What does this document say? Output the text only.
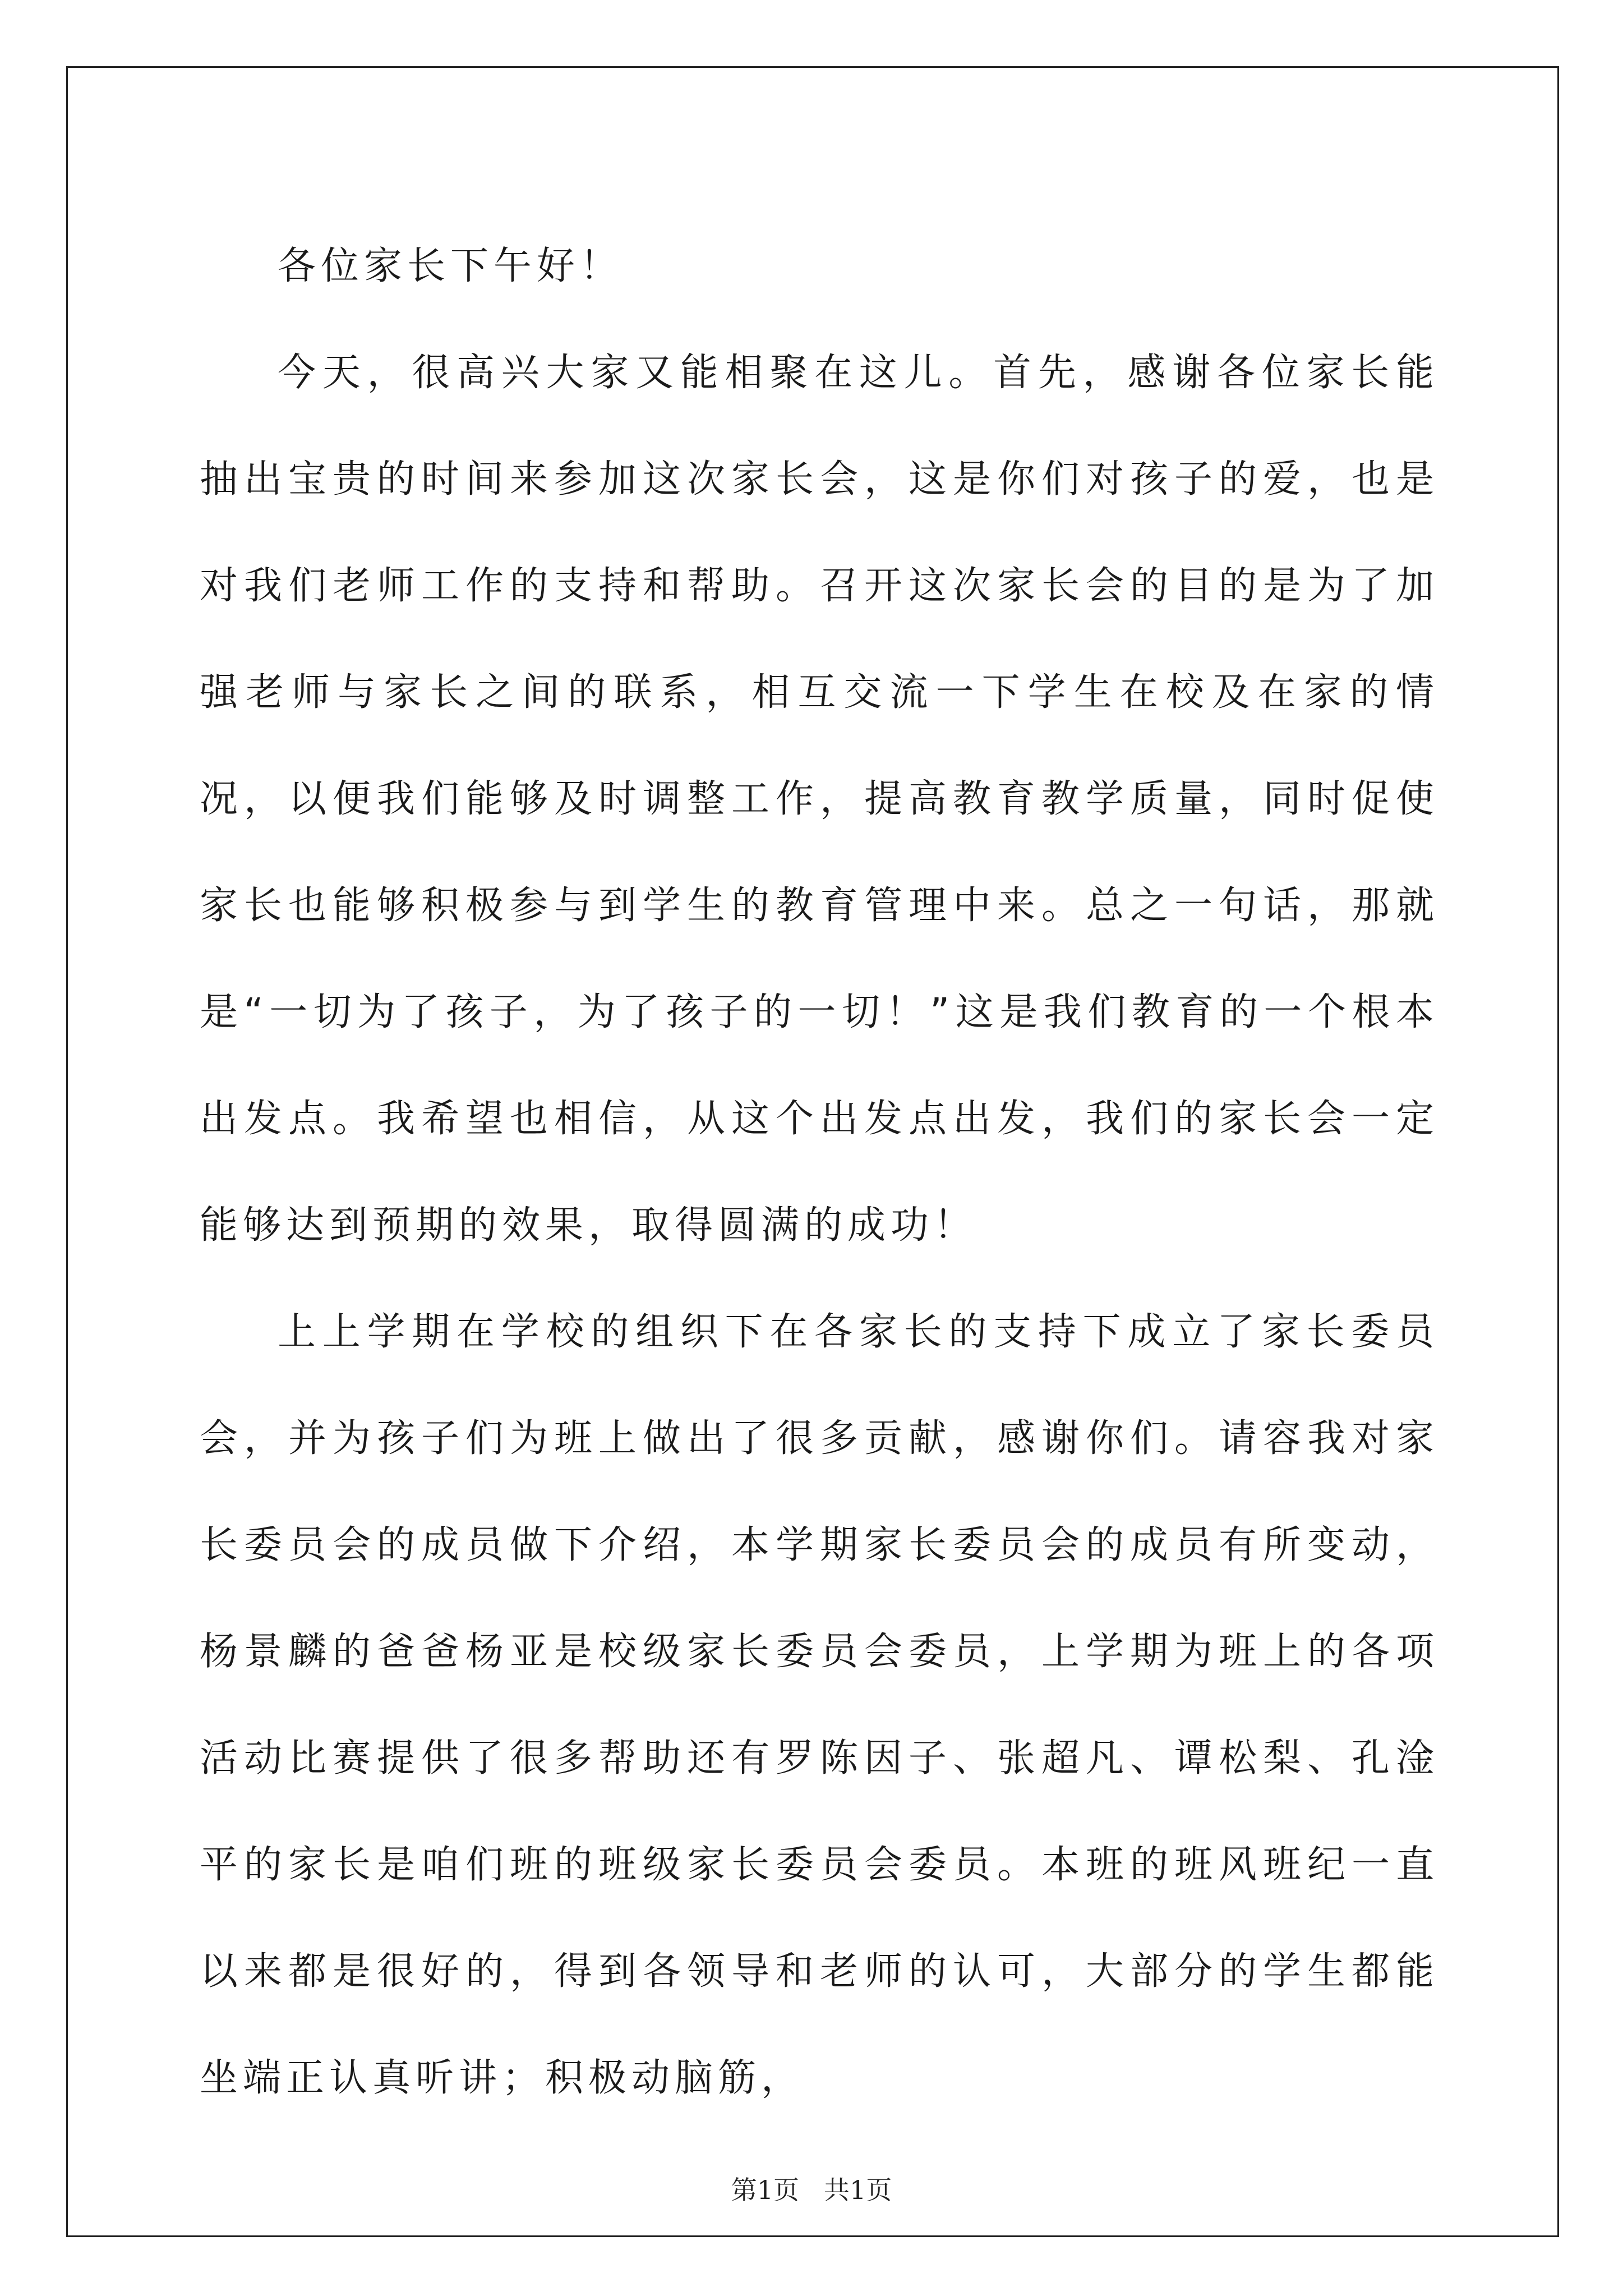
各位家长下午好！

今天，很高兴大家又能相聚在这儿。首先，感谢各位家长能抽出宝贵的时间来参加这次家长会，这是你们对孩子的爱，也是对我们老师工作的支持和帮助。召开这次家长会的目的是为了加强老师与家长之间的联系，相互交流一下学生在校及在家的情况，以便我们能够及时调整工作，提高教育教学质量，同时促使家长也能够积极参与到学生的教育管理中来。总之一句话，那就是“一切为了孩子，为了孩子的一切！”这是我们教育的一个根本出发点。我希望也相信，从这个出发点出发，我们的家长会一定能够达到预期的效果，取得圆满的成功！

上上学期在学校的组织下在各家长的支持下成立了家长委员会，并为孩子们为班上做出了很多贡献，感谢你们。请容我对家长委员会的成员做下介绍，本学期家长委员会的成员有所变动，杨景麟的爸爸杨亚是校级家长委员会委员，上学期为班上的各项活动比赛提供了很多帮助还有罗陈因子、张超凡、谭松梨、孔淦平的家长是咱们班的班级家长委员会委员。本班的班风班纪一直以来都是很好的，得到各领导和老师的认可，大部分的学生都能坐端正认真听讲；积极动脑筋，

第1页 共1页
